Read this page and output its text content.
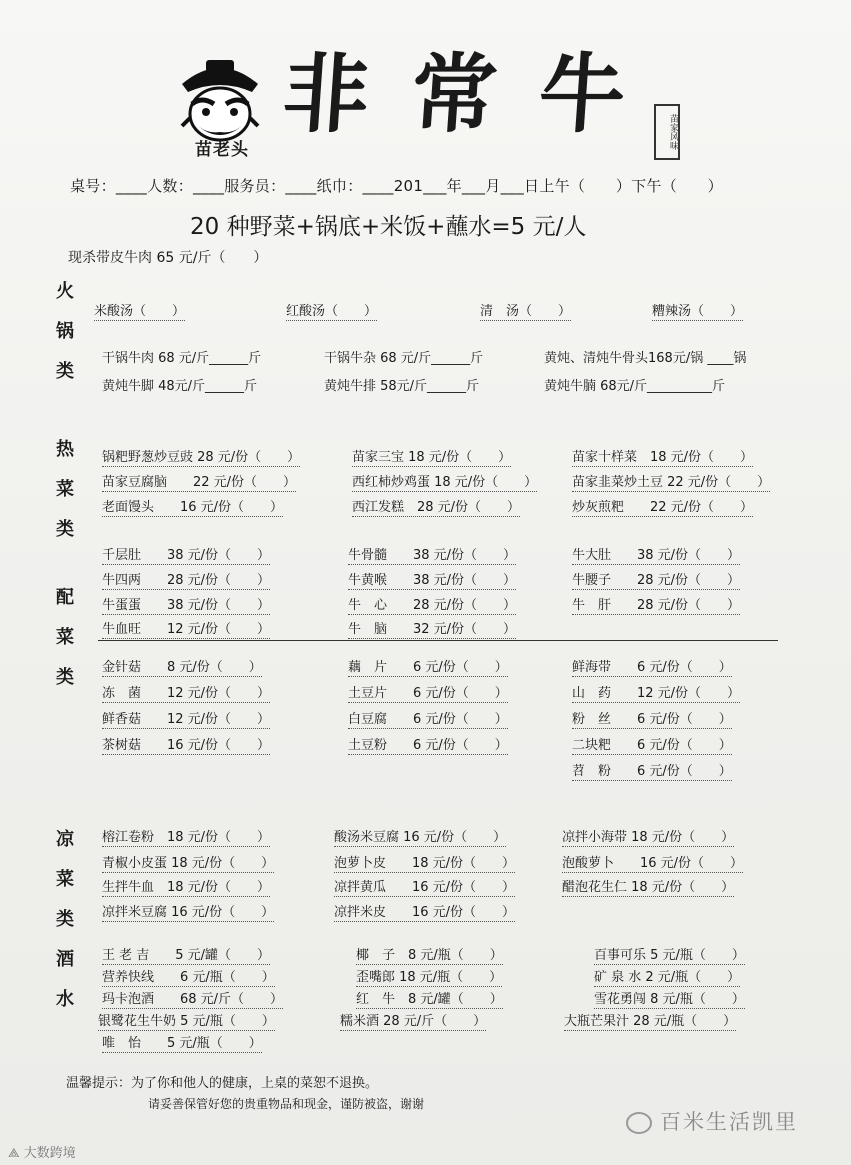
苗老头
非常牛
苗家风味
桌号：____人数：____服务员：____纸巾：____201___年___月___日上午（　　）下午（　　）
20 种野菜+锅底+米饭+蘸水=5 元/人
现杀带皮牛肉 65 元/斤（　　）
火锅类
热菜类
配菜类
凉菜类
酒水
米酸汤（　　）	红酸汤（　　）	清　汤（　　）	糟辣汤（　　）
干锅牛肉 68 元/斤______斤	干锅牛杂 68 元/斤______斤	黄炖、清炖牛骨头168元/锅 ____锅
黄炖牛脚 48元/斤______斤	黄炖牛排 58元/斤______斤	黄炖牛腩 68元/斤__________斤
锅粑野葱炒豆豉 28 元/份（　　）	苗家三宝 18 元/份（　　）	苗家十样菜　18 元/份（　　）
苗家豆腐脑　　22 元/份（　　）	西红柿炒鸡蛋 18 元/份（　　）	苗家韭菜炒土豆 22 元/份（　　）
老面馒头　　16 元/份（　　）	西江发糕　28 元/份（　　）	炒灰煎粑　　22 元/份（　　）
千层肚　　38 元/份（　　）	牛骨髓　　38 元/份（　　）	牛大肚　　38 元/份（　　）
牛四两　　28 元/份（　　）	牛黄喉　　38 元/份（　　）	牛腰子　　28 元/份（　　）
牛蛋蛋　　38 元/份（　　）	牛　心　　28 元/份（　　）	牛　肝　　28 元/份（　　）
牛血旺　　12 元/份（　　）	牛　脑　　32 元/份（　　）
金针菇　　8 元/份（　　）	藕　片　　6 元/份（　　）	鲜海带　　6 元/份（　　）
冻　菌　　12 元/份（　　）	土豆片　　6 元/份（　　）	山　药　　12 元/份（　　）
鲜香菇　　12 元/份（　　）	白豆腐　　6 元/份（　　）	粉　丝　　6 元/份（　　）
茶树菇　　16 元/份（　　）	土豆粉　　6 元/份（　　）	二块粑　　6 元/份（　　）
苕　粉　　6 元/份（　　）
榕江卷粉　18 元/份（　　）	酸汤米豆腐 16 元/份（　　）	凉拌小海带 18 元/份（　　）
青椒小皮蛋 18 元/份（　　）	泡萝卜皮　　18 元/份（　　）	泡酸萝卜　　16 元/份（　　）
生拌牛血　18 元/份（　　）	凉拌黄瓜　　16 元/份（　　）	醋泡花生仁 18 元/份（　　）
凉拌米豆腐 16 元/份（　　）	凉拌米皮　　16 元/份（　　）
王 老 吉　　5 元/罐（　　）	椰　子　8 元/瓶（　　）	百事可乐 5 元/瓶（　　）
营养快线　　6 元/瓶（　　）	歪嘴郎 18 元/瓶（　　）	矿 泉 水 2 元/瓶（　　）
玛卡泡酒　　68 元/斤（　　）	红　牛　8 元/罐（　　）	雪花勇闯 8 元/瓶（　　）
银鹭花生牛奶 5 元/瓶（　　）	糯米酒 28 元/斤（　　）	大瓶芒果汁 28 元/瓶（　　）
唯　怡　　5 元/瓶（　　）
温馨提示：为了你和他人的健康，上桌的菜恕不退换。
请妥善保管好您的贵重物品和现金，谨防被盗，谢谢
百米生活凯里
⟁ 大数跨境
